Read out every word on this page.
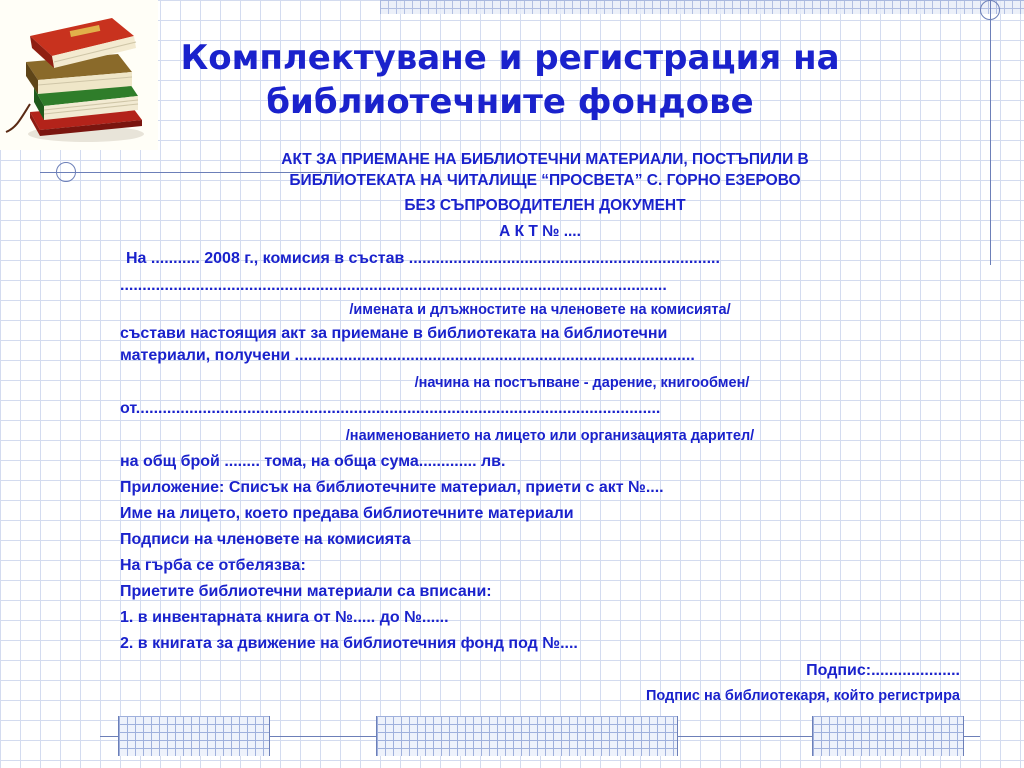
Комплектуване и регистрация на
библиотечните фондове
АКТ ЗА ПРИЕМАНЕ НА БИБЛИОТЕЧНИ МАТЕРИАЛИ, ПОСТЪПИЛИ В
БИБЛИОТЕКАТА НА ЧИТАЛИЩЕ “ПРОСВЕТА” С. ГОРНО ЕЗЕРОВО
БЕЗ СЪПРОВОДИТЕЛЕН ДОКУМЕНТ
А К Т № ....
На ........... 2008 г., комисия в състав ......................................................................
...........................................................................................................................
/имената и длъжностите на членовете на комисията/
състави настоящия акт за приемане в библиотеката на библиотечни
материали, получени ..........................................................................................
/начина на постъпване - дарение, книгообмен/
от......................................................................................................................
/наименованието на лицето или организацията дарител/
на общ брой ........ тома, на обща сума............. лв.
Приложение: Списък на библиотечните материал, приети с акт №....
Име на лицето, което предава библиотечните материали
Подписи на членовете на комисията
На гърба се отбелязва:
Приетите библиотечни материали са вписани:
1. в инвентарната книга от №..... до №......
2. в книгата за движение на библиотечния фонд под №....
Подпис:....................
Подпис на библиотекаря, който регистрира
